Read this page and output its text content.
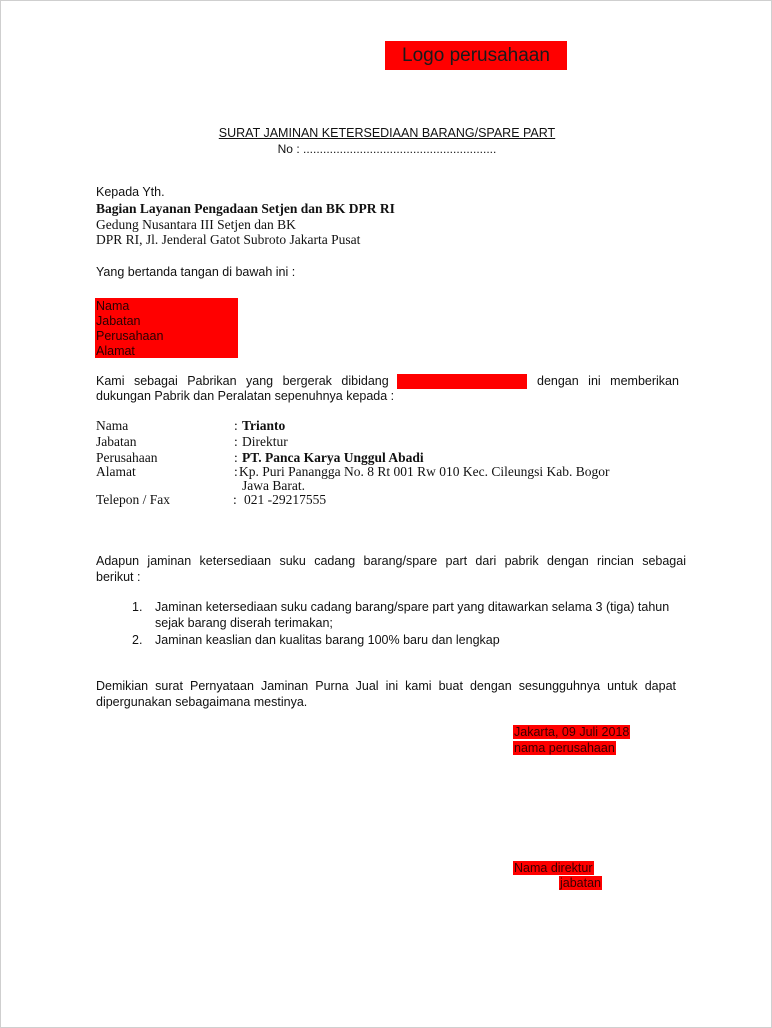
Logo perusahaan
SURAT JAMINAN KETERSEDIAAN BARANG/SPARE PART
No : ..........................................................
Kepada Yth.
Bagian Layanan Pengadaan Setjen dan BK DPR RI
Gedung Nusantara III Setjen dan BK
DPR RI, Jl. Jenderal Gatot Subroto Jakarta Pusat
Yang bertanda tangan di bawah ini :
Nama
Jabatan
Perusahaan
Alamat
Kami sebagai Pabrikan yang bergerak dibidang	dengan ini memberikan
dukungan Pabrik dan Peralatan sepenuhnya kepada :
Nama	: Trianto
Jabatan	: Direktur
Perusahaan	: PT. Panca Karya Unggul Abadi
Alamat	: Kp. Puri Panangga No. 8 Rt 001 Rw 010 Kec. Cileungsi Kab. Bogor
Jawa Barat.
Telepon / Fax	: 021 -29217555
Adapun jaminan ketersediaan suku cadang barang/spare part dari pabrik dengan rincian sebagai
berikut :
1. Jaminan ketersediaan suku cadang barang/spare part yang ditawarkan selama 3 (tiga) tahun
sejak barang diserah terimakan;
2. Jaminan keaslian dan kualitas barang 100% baru dan lengkap
Demikian surat Pernyataan Jaminan Purna Jual ini kami buat dengan sesungguhnya untuk dapat
dipergunakan sebagaimana mestinya.
Jakarta, 09 Juli 2018
nama perusahaan
Nama direktur
jabatan
